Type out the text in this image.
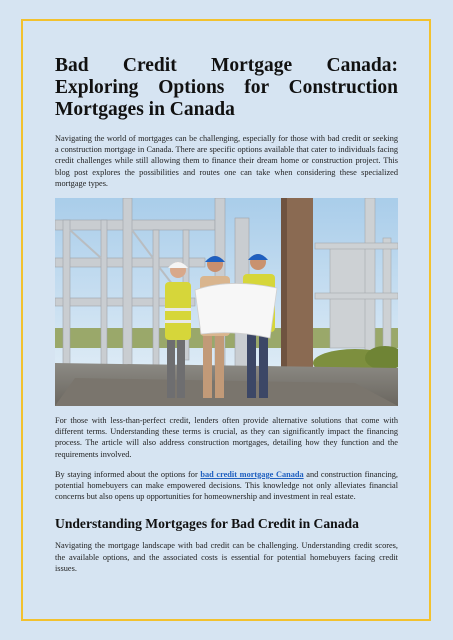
Bad Credit Mortgage Canada: Exploring Options for Construction Mortgages in Canada

Navigating the world of mortgages can be challenging, especially for those with bad credit or seeking a construction mortgage in Canada. There are specific options available that cater to individuals facing credit challenges while still allowing them to finance their dream home or construction project. This blog post explores the possibilities and routes one can take when considering these specialized mortgage types.

For those with less-than-perfect credit, lenders often provide alternative solutions that come with different terms. Understanding these terms is crucial, as they can significantly impact the financing process. The article will also address construction mortgages, detailing how they function and the requirements involved.

By staying informed about the options for bad credit mortgage Canada and construction financing, potential homebuyers can make empowered decisions. This knowledge not only alleviates financial concerns but also opens up opportunities for homeownership and investment in real estate.

Understanding Mortgages for Bad Credit in Canada

Navigating the mortgage landscape with bad credit can be challenging. Understanding credit scores, the available options, and the associated costs is essential for potential homebuyers facing credit issues.
